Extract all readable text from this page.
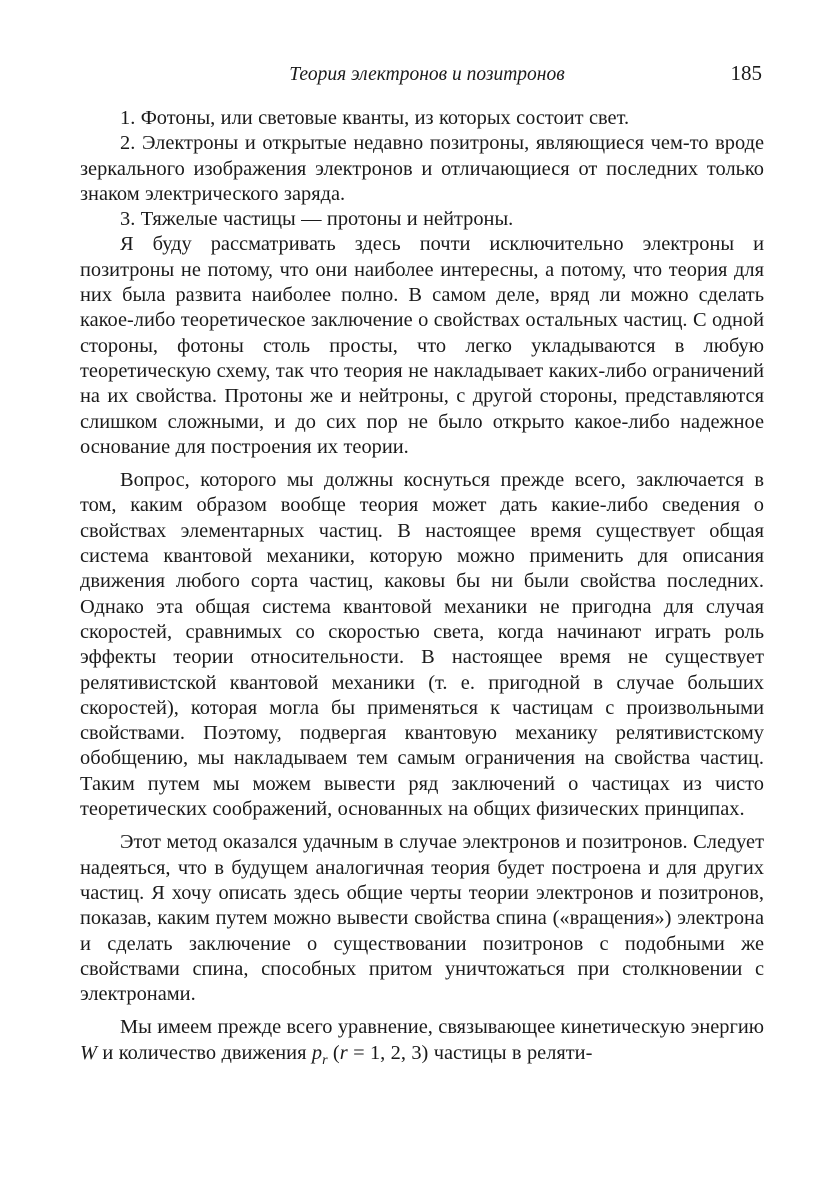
Теория электронов и позитронов	185

1. Фотоны, или световые кванты, из которых состоит свет.

2. Электроны и открытые недавно позитроны, являющиеся чем-то вроде зеркального изображения электронов и отличающиеся от последних только знаком электрического заряда.

3. Тяжелые частицы — протоны и нейтроны.

Я буду рассматривать здесь почти исключительно электроны и позитроны не потому, что они наиболее интересны, а потому, что теория для них была развита наиболее полно. В самом деле, вряд ли можно сделать какое-либо теоретическое заключение о свойствах остальных частиц. С одной стороны, фотоны столь просты, что легко укладываются в любую теоретическую схему, так что теория не накладывает каких-либо ограничений на их свойства. Протоны же и нейтроны, с другой стороны, представляются слишком сложными, и до сих пор не было открыто какое-либо надежное основание для построения их теории.

Вопрос, которого мы должны коснуться прежде всего, заключается в том, каким образом вообще теория может дать какие-либо сведения о свойствах элементарных частиц. В настоящее время существует общая система квантовой механики, которую можно применить для описания движения любого сорта частиц, каковы бы ни были свойства последних. Однако эта общая система квантовой механики не пригодна для случая скоростей, сравнимых со скоростью света, когда начинают играть роль эффекты теории относительности. В настоящее время не существует релятивистской квантовой механики (т. е. пригодной в случае больших скоростей), которая могла бы применяться к частицам с произвольными свойствами. Поэтому, подвергая квантовую механику релятивистскому обобщению, мы накладываем тем самым ограничения на свойства частиц. Таким путем мы можем вывести ряд заключений о частицах из чисто теоретических соображений, основанных на общих физических принципах.

Этот метод оказался удачным в случае электронов и позитронов. Следует надеяться, что в будущем аналогичная теория будет построена и для других частиц. Я хочу описать здесь общие черты теории электронов и позитронов, показав, каким путем можно вывести свойства спина («вращения») электрона и сделать заключение о существовании позитронов с подобными же свойствами спина, способных притом уничтожаться при столкновении с электронами.

Мы имеем прежде всего уравнение, связывающее кинетическую энергию W и количество движения $p_r$ (r = 1, 2, 3) частицы в реляти-
